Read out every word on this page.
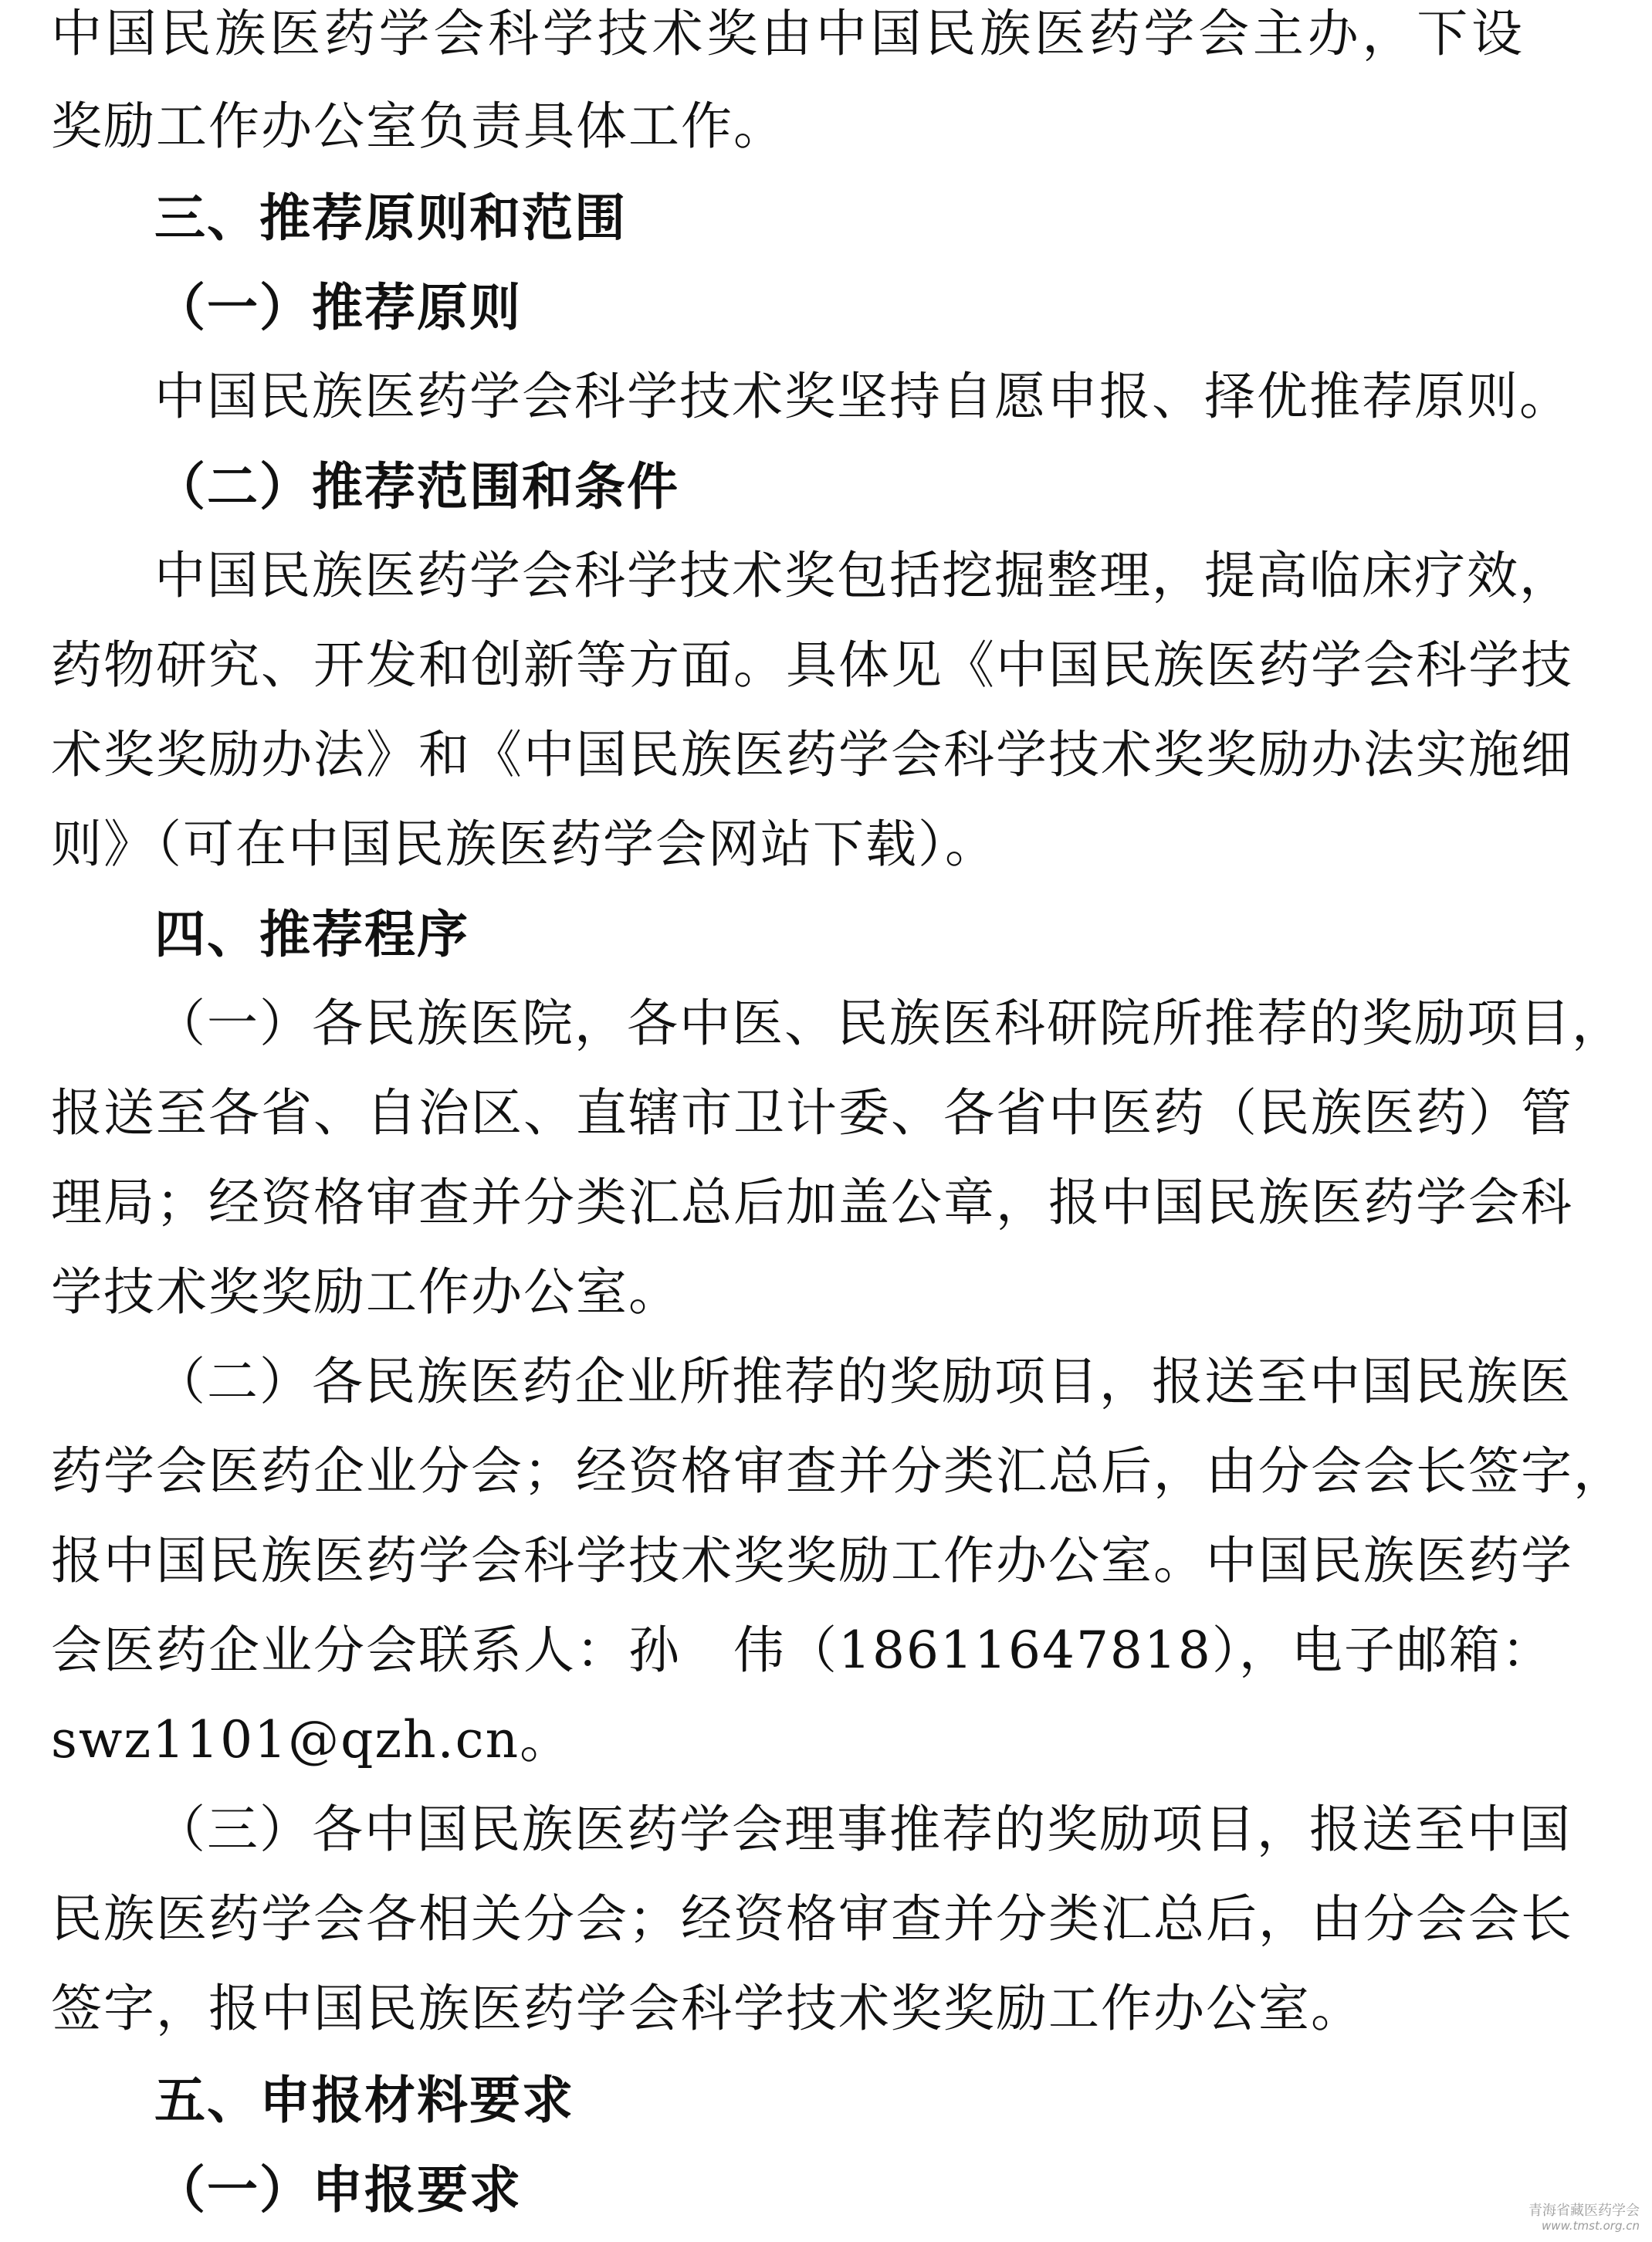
中国民族医药学会科学技术奖由中国民族医药学会主办，下设
奖励工作办公室负责具体工作。
三、推荐原则和范围
（一）推荐原则
中国民族医药学会科学技术奖坚持自愿申报、择优推荐原则。
（二）推荐范围和条件
中国民族医药学会科学技术奖包括挖掘整理，提高临床疗效，
药物研究、开发和创新等方面。具体见《中国民族医药学会科学技
术奖奖励办法》和《中国民族医药学会科学技术奖奖励办法实施细
则》（可在中国民族医药学会网站下载）。
四、推荐程序
（一）各民族医院，各中医、民族医科研院所推荐的奖励项目，
报送至各省、自治区、直辖市卫计委、各省中医药（民族医药）管
理局；经资格审查并分类汇总后加盖公章，报中国民族医药学会科
学技术奖奖励工作办公室。
（二）各民族医药企业所推荐的奖励项目，报送至中国民族医
药学会医药企业分会；经资格审查并分类汇总后，由分会会长签字，
报中国民族医药学会科学技术奖奖励工作办公室。中国民族医药学
会医药企业分会联系人：孙　伟（18611647818），电子邮箱：
swz1101@qzh.cn。
（三）各中国民族医药学会理事推荐的奖励项目，报送至中国
民族医药学会各相关分会；经资格审查并分类汇总后，由分会会长
签字，报中国民族医药学会科学技术奖奖励工作办公室。
五、申报材料要求
（一）申报要求	青海省藏医药学会
www.tmst.org.cn
